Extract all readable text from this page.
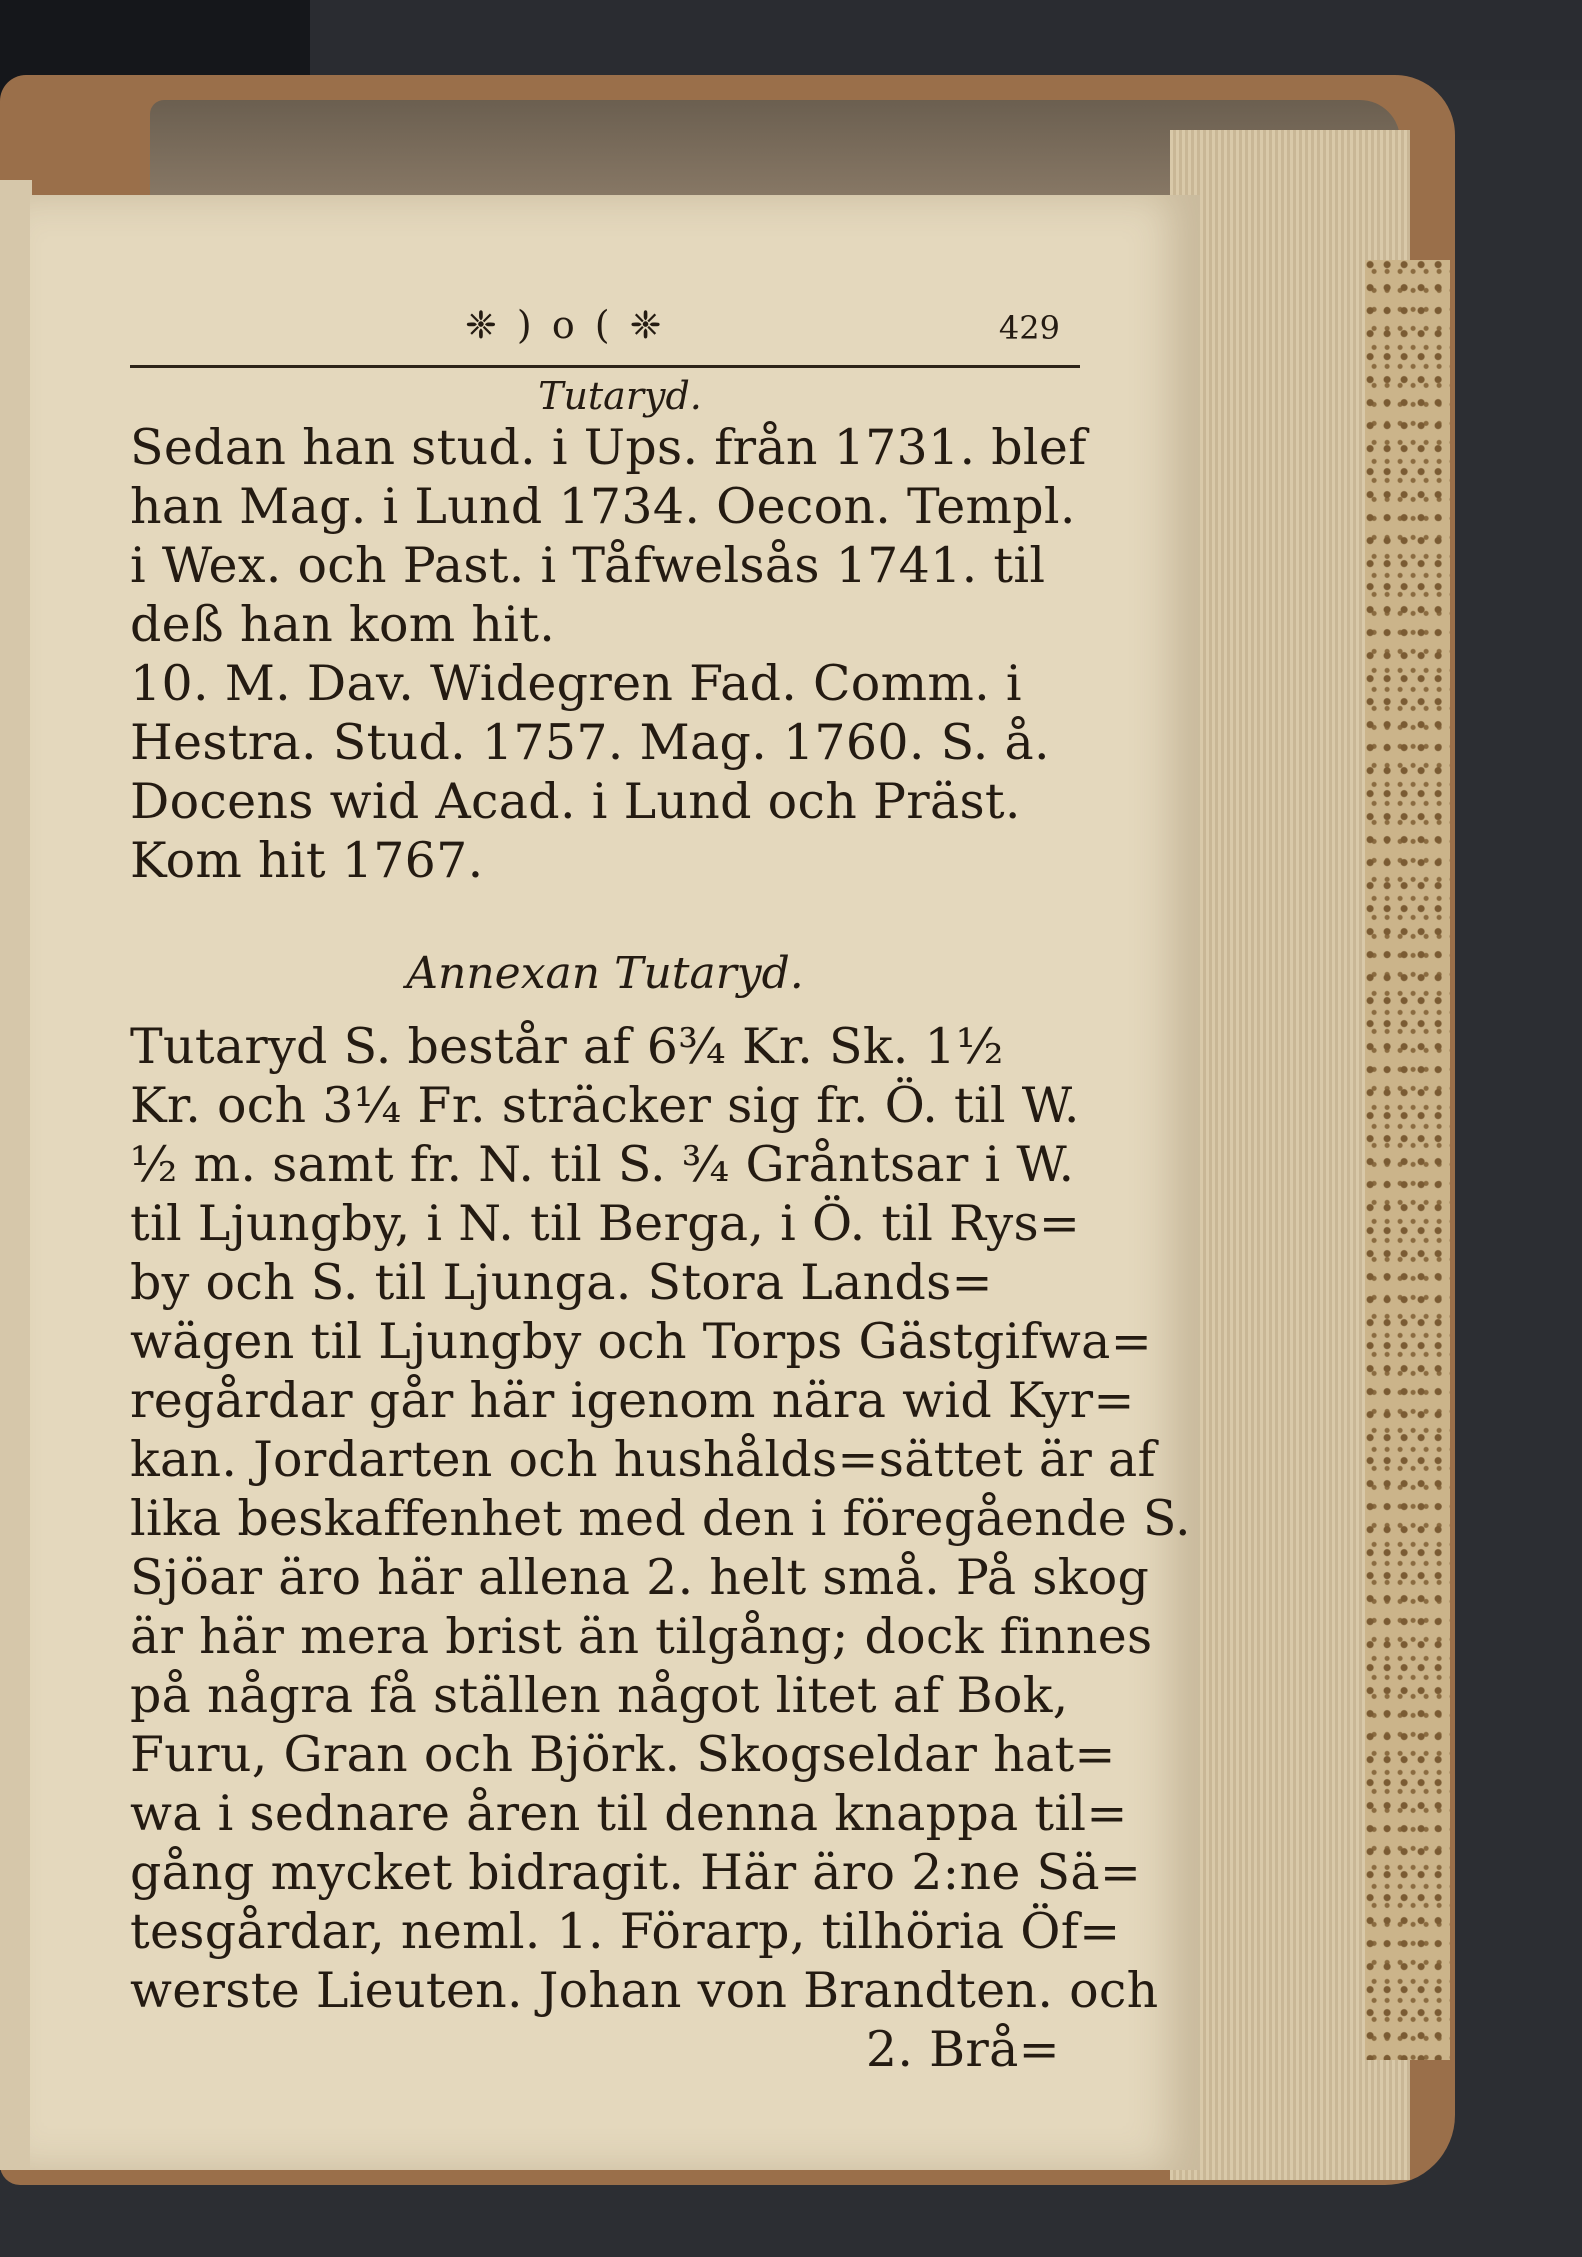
❈ ) o ( ❈	429
Tutaryd.
Sedan han stud. i Ups. från 1731. blef
han Mag. i Lund 1734. Oecon. Templ.
i Wex. och Past. i Tåfwelsås 1741. til
deß han kom hit.
10. M. Dav. Widegren Fad. Comm. i
Hestra. Stud. 1757. Mag. 1760. S. å.
Docens wid Acad. i Lund och Präst.
Kom hit 1767.
Annexan Tutaryd.
Tutaryd S. består af 6¾ Kr. Sk. 1½
Kr. och 3¼ Fr. sträcker sig fr. Ö. til W.
½ m. samt fr. N. til S. ¾ Gråntsar i W.
til Ljungby, i N. til Berga, i Ö. til Rys=
by och S. til Ljunga. Stora Lands=
wägen til Ljungby och Torps Gästgifwa=
regårdar går här igenom nära wid Kyr=
kan. Jordarten och hushålds=sättet är af
lika beskaffenhet med den i föregående S.
Sjöar äro här allena 2. helt små. På skog
är här mera brist än tilgång; dock finnes
på några få ställen något litet af Bok,
Furu, Gran och Björk. Skogseldar hat=
wa i sednare åren til denna knappa til=
gång mycket bidragit. Här äro 2:ne Sä=
tesgårdar, neml. 1. Förarp, tilhöria Öf=
werste Lieuten. Johan von Brandten. och
2. Brå=
